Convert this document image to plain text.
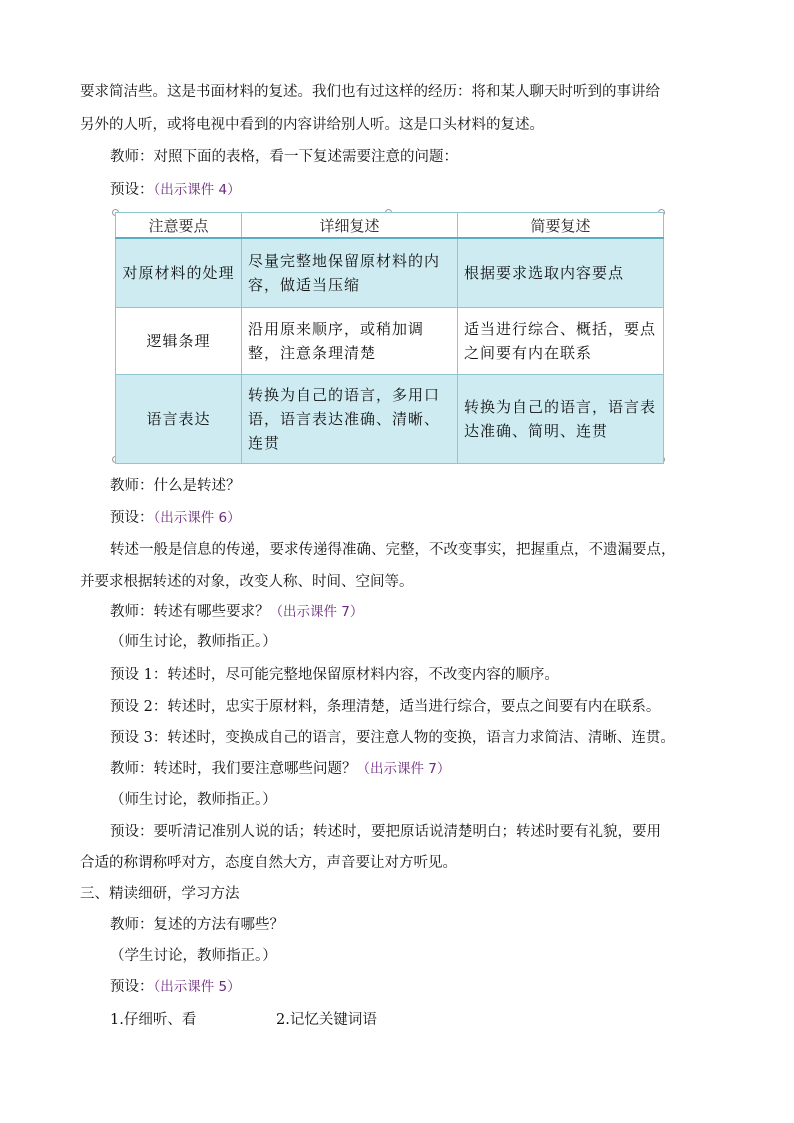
要求简洁些。这是书面材料的复述。我们也有过这样的经历：将和某人聊天时听到的事讲给
另外的人听，或将电视中看到的内容讲给别人听。这是口头材料的复述。
教师：对照下面的表格，看一下复述需要注意的问题：
预设：（出示课件 4）
注意要点	详细复述	简要复述

对原材料的处理	尽量完整地保留原材料的内容，做适当压缩	根据要求选取内容要点

逻辑条理	沿用原来顺序，或稍加调整，注意条理清楚	适当进行综合、概括，要点之间要有内在联系

语言表达	转换为自己的语言，多用口语，语言表达准确、清晰、连贯	转换为自己的语言，语言表达准确、简明、连贯
教师：什么是转述？
预设：（出示课件 6）
转述一般是信息的传递，要求传递得准确、完整，不改变事实，把握重点，不遗漏要点，
并要求根据转述的对象，改变人称、时间、空间等。
教师：转述有哪些要求？（出示课件 7）
（师生讨论，教师指正。）
预设 1：转述时，尽可能完整地保留原材料内容，不改变内容的顺序。
预设 2：转述时，忠实于原材料，条理清楚，适当进行综合，要点之间要有内在联系。
预设 3：转述时，变换成自己的语言，要注意人物的变换，语言力求简洁、清晰、连贯。
教师：转述时，我们要注意哪些问题？（出示课件 7）
（师生讨论，教师指正。）
预设：要听清记准别人说的话；转述时，要把原话说清楚明白；转述时要有礼貌，要用
合适的称谓称呼对方，态度自然大方，声音要让对方听见。
三、精读细研，学习方法
教师：复述的方法有哪些？
（学生讨论，教师指正。）
预设：（出示课件 5）
1.仔细听、看	2.记忆关键词语
